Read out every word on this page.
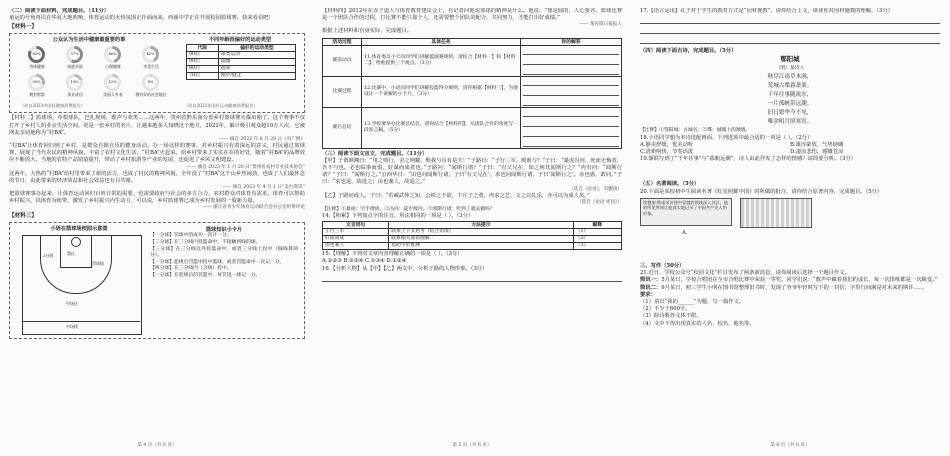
（二）阅读下面材料，完成题目。（11分）

童运的号角再次在华夏大地吹响，体育运动的火热氛围正扑面而来。西渝中学正在开展校园篮球赛，快来看看吧！

【材料一】

公众认为生活中健康最重要的事
83%
身体健康
57%
家庭幸福
46%
心理健康
42%
享受生活
29%
拥有财富
19%
事业成功
12%
美丽人外表
4%
拥有好的社会地位
（改自2023中国民健康消费报告）
不同年龄段偏好的运动类型
代际	偏好的运动类型
00后	球类运动
90后	瑜伽
80后	游泳
70后	跑步/健走
（改自2023年国民运动健康消费报告）

【材料二】篮球场，草根球队，巴扎现场，歌声与欢笑……这两年，贵州省黔东南台盘乡村篮球赛火爆出圈了。这个赛事不仅打开了乡村人的业余生活空间，更是一张乡村的名片，让越来越多人知晓这个地方，2022年，累计吸引观众超10万人次，它被网友亲切地称为“村BA”。

—— 摘自 2022 年 8 月 29 日《央广网》

“村BA”让体育回归到了乡村，是群众自娱自乐的健身活动。办一场这样的赛事，对乡村振兴有着深远的意义，村民通过篮球赛，展现了当代农民的精神风貌，丰富了农村文化生活。“村BA”火起来，给乡村带来了实实在在的好处，随着“村BA”的品牌效应不断放大，当地的农特产品销量提升，带动了乡村旅游等产业的发展，还促进了乡风文明建设。

—— 摘自 2023 年 1 月 20 日“贵州省农村专业技术协会”

这两年，大热的“村BA”给村里带来了新的活力，也成了村民的精神风貌。全年没了“村BA”这个山乡热闹劲，也成了人们最怀念的节日，由此带来的经济效益和社会效益也有目共睹。

—— 摘自 2023 年 4 月 1 日“金台资讯”

把篮球赛事办起来，让体育运动回归百姓日常的需要、也需要政府与社会的多方合力，农村群众对体育有需求，体育可以帮助乡村振兴，以体育为纽带，激发了乡村振兴内生动力，可以说，乡村篮球赛已成为乡村发展的一股新力量。

—— 浙江省青少年体育运动联合会办公室时事评论

【材料三】

小语在篮球场校园示意图
3分线
罚球线
中场区
中场线
禁区
篮球知识小卡片

【一分球】罚球中的成功一次计一分。

【二分球】在三分线内投篮命中，不接触到线的球。

【三分球】在三分线以外投篮命中，或者三分线上投中（踩线算两分）。

【一分球】犯规后罚篮中投中篮球，或者罚篮命中一次记一分。

【两分球】在三分线内（含线）投中。

【一分球】在犯规后的罚篮中，每罚进一球记一分。

第 4 页（共 6 页）

【材料四】2012年在赤子道人与体育教育建议会上，有记者问他说篮球的精神是什么。他说：“球是圆的，人心要齐。篮球比赛是一个团队合作的过程，打比赛不能只靠个人，还需要整个团队的配合、共同努力，才能打出好成绩。”

—— 某先锋日报报人

根据上述材料和自身实际，完成题目。

活动过程	具体任务	你的解答
赛前动员	11.体育委员小天向同学们讲解篮球赛规则，请结合【材料一】和【材料二】，给他提供三个观点。（3分）	

比赛过程	12.比赛中，小语向同学们讲解投篮得分规则，请你根据【材料三】，为他设计一个讲解的小卡片。（3分）	

赛后总结	13.学校要举办比赛总结会，请你结合【材料四】，从团队合作的角度写一段发言稿。（5分）	

（三）阅读下面文言文，完成题目。（11分）

【甲】子谓颜渊曰：“用之则行，舍之则藏，惟我与尔有是夫！”子路曰：“子行三军，则谁与？”子曰：“暴虎冯河，死而无悔者，吾不与也。必也临事而惧，好谋而成者也。”子路问：“闻斯行诸？”子曰：“有父兄在，如之何其闻斯行之？”冉有问：“闻斯行诸？”子曰：“闻斯行之。”公西华曰：“由也问闻斯行诸，子曰‘有父兄在’；求也问闻斯行诸，子曰‘闻斯行之’。赤也惑，敢问。”子曰：“求也退，故进之；由也兼人，故退之。”

（选自《论语》，有删改）

【乙】子路问成人。子曰：“若臧武仲之知，公绰之不欲，卞庄子之勇，冉求之艺，文之以礼乐，亦可以为成人矣。”

（选自《论语·宪问》）

【注释】①暴虎：空手搏虎。②冯河：徒步渡河。③闻斯行诸：听到了就去做吗？

14.【积累】下列加点字的注音，用法相同的一项是（ ）。（3分）

文言词句	方法提示	解释
子行三军	联系上下文思考（结合语境）	（1）
好谋而成	联系相关成语理解	（2）
由也兼人	借助字形推测	（3）

15.【理解】下列对文章内容理解正确的一项是（ ）。（3分）

A.①②③ B.②③④ C.①③④ D.①②④

16.【分析人物】从【甲】【乙】两文中，分析子路的人物形象。（3分）

第 5 页（共 6 页）

17.【语言运用】孔子对于学生的教育方式是“因材施教”，请你结合上文，谈谈你对因材施教的理解。（3分）

（四）阅读下面古诗，完成题目。（5分）

鄂阳城

［明］某诗人

秋尽江南草木凋，

荒城古堞暮萧萧。

千年往事随流水，

一片孤帆带远潮。

旧日繁华今不见，

唯余明月照寒宵。

【注释】①鄂阳城：古城名。②堞：城墙上的矮墙。

18.小语同学想为本诗选配画面，下列选项中最合适的一项是（ ）。（2分）

A.静美舒缓，优美动听	B.雄浑豪放，气势磅礴
C.清新明快，节奏活泼	D.凄凉悲伤，感慨苍凉

19.颔联写到了“千年往事”与“孤帆远潮”，诗人由此抒发了怎样的情感？请简要分析。（3分）

（五）名著阅读。（5分）

20.下面是某校初中生阅读名著《红星照耀中国》时所做的批注，请你结合原著内容，完成题目。（5分）

埃德加·斯诺采访途中穿越封锁线深入苏区，他的所见所闻让他真实地记录了中国共产党人的形象。

A.

三、写作（50分）

21.近日，学校公众号“校园文化”栏目发布了两条新消息，请你阅读后选择一个题目作文。

简讯一：5月某日，学校合唱团在全市合唱比赛中荣获一等奖。同学们说：“歌声中藏着我们的成长，每一次排练都是一次蜕变。”

简讯二：9月某日，初三学生小明在图书馆整理旧书时，发现了爷爷年轻时写下的一封信，字里行间满是对未来的期许……

要求：

（1）请以“我的______”为题，写一篇作文。

（2）不少于600字。

（3）除诗歌外文体不限。

（4）文中不得出现真实的人名、校名、地名等。

第 6 页（共 6 页）
